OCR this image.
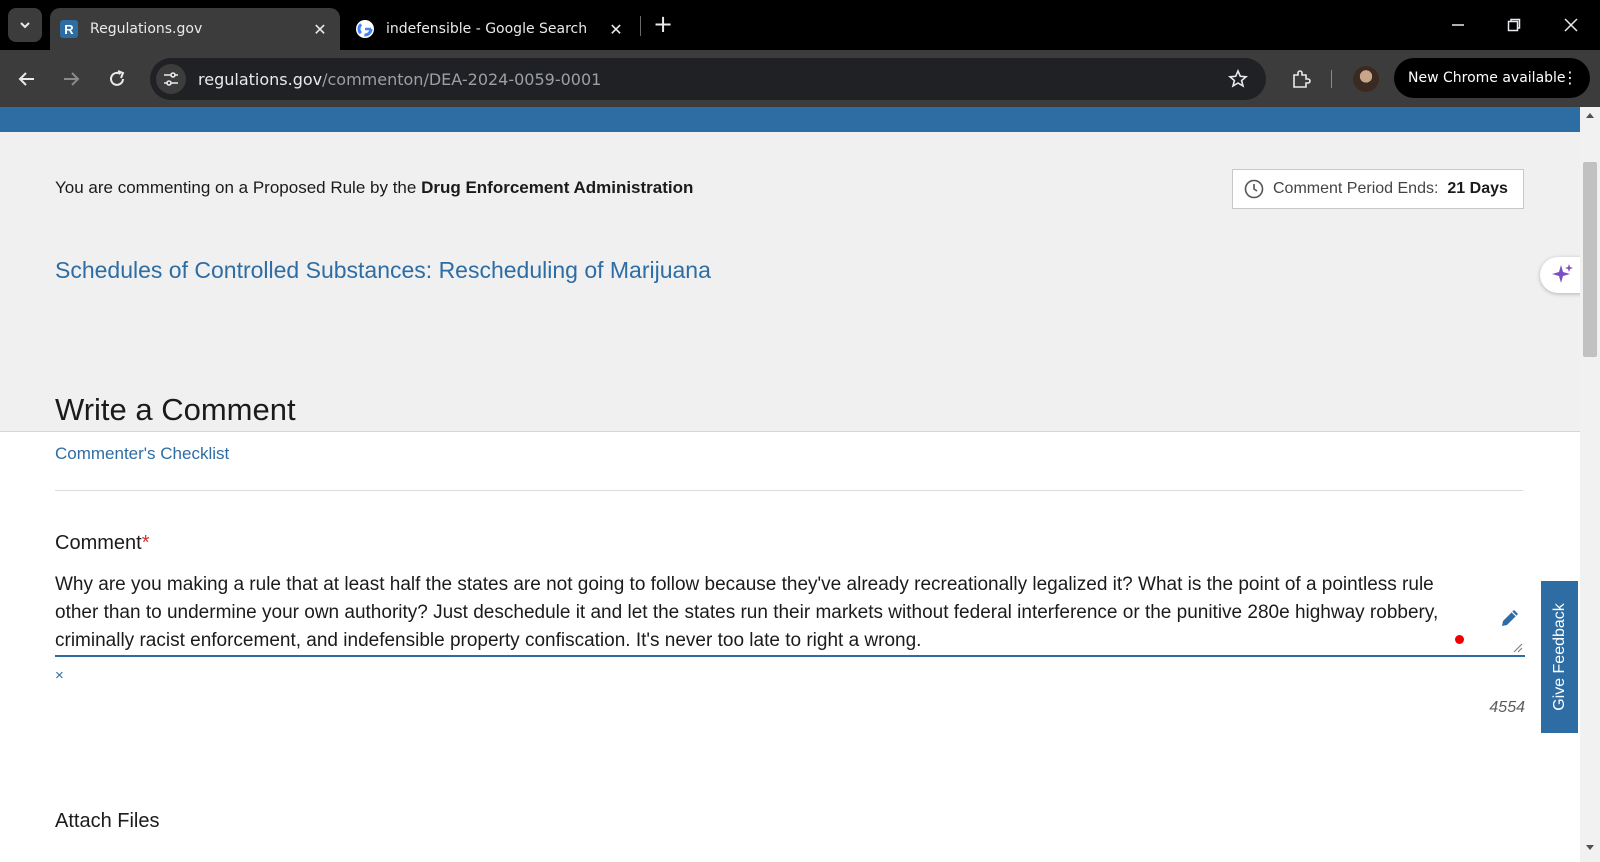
R	Regulations.gov	✕	indefensible - Google Search	✕ +
regulations.gov/commenton/DEA-2024-0059-0001	New Chrome available
⋮
You are commenting on a Proposed Rule by the Drug Enforcement Administration	Comment Period Ends: 21 Days
Schedules of Controlled Substances: Rescheduling of Marijuana
Write a Comment
Commenter's Checklist
Comment*
Why are you making a rule that at least half the states are not going to follow because they've already recreationally legalized it? What is the point of a pointless rule other than to undermine your own authority? Just deschedule it and let the states run their markets without federal interference or the punitive 280e highway robbery, criminally racist enforcement, and indefensible property confiscation. It's never too late to right a wrong.
×
4554
Attach Files
Give Feedback
